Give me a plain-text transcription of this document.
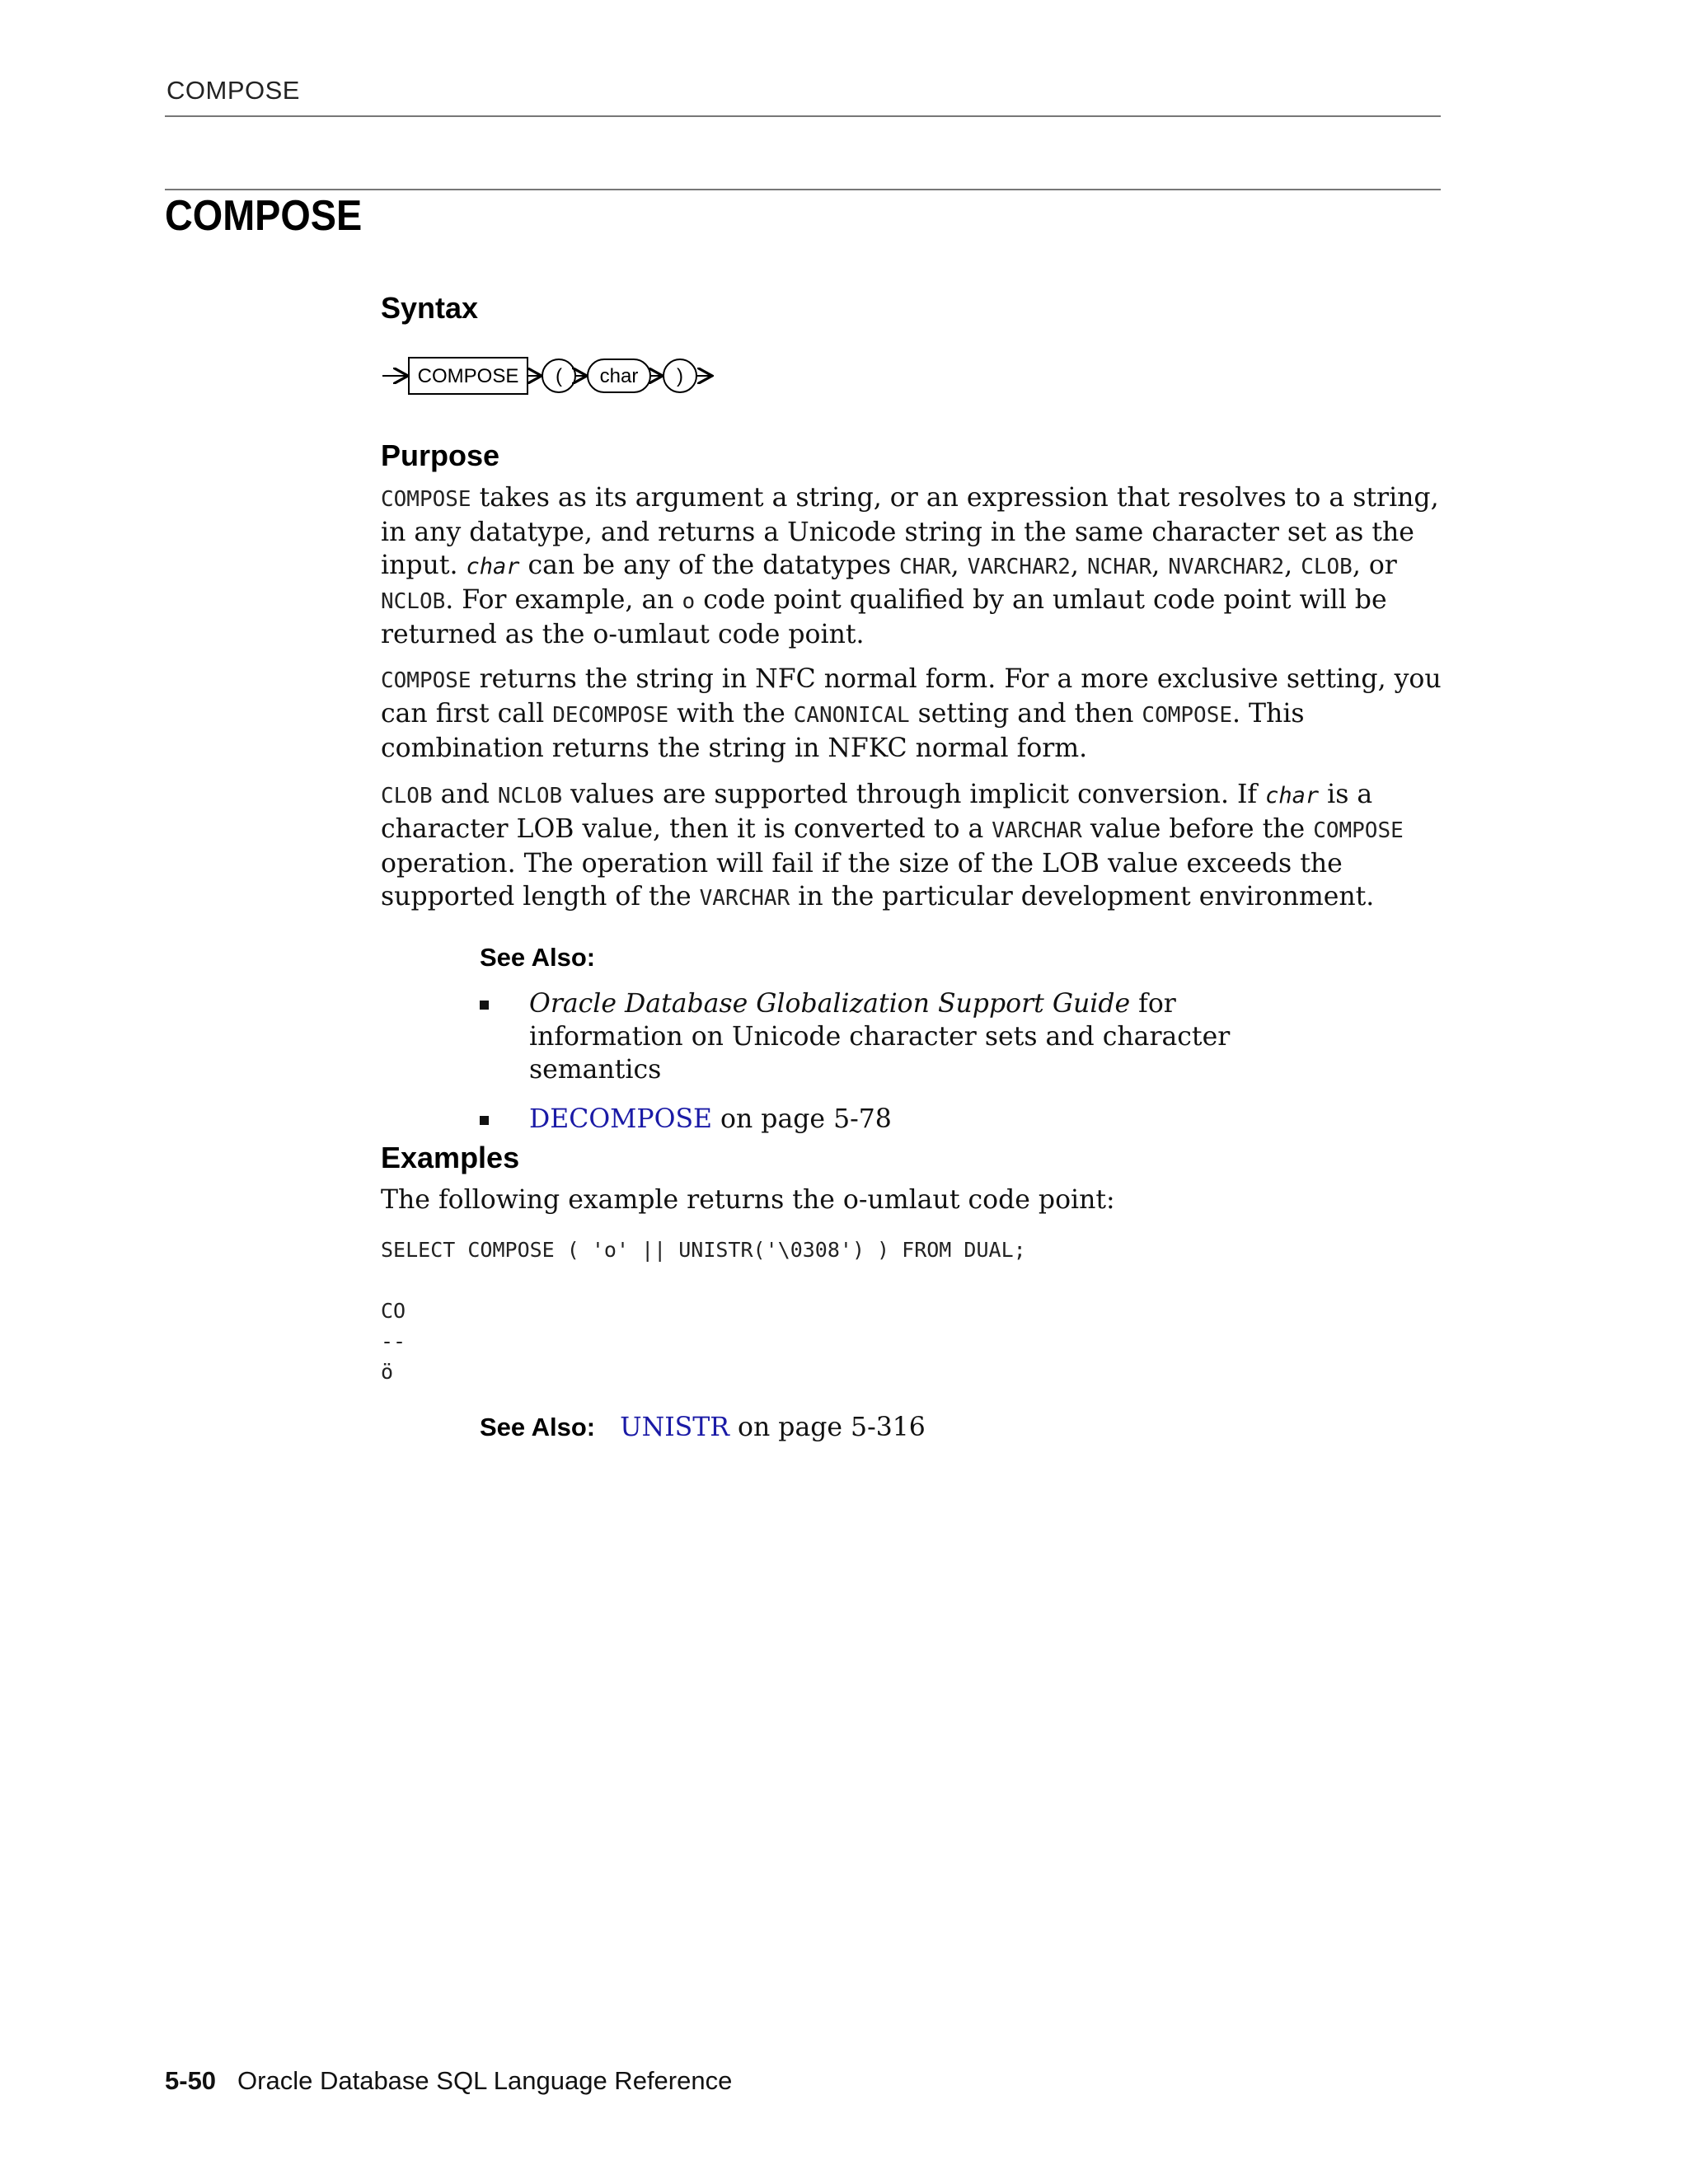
COMPOSE
COMPOSE
Syntax
COMPOSE ( char )
Purpose

COMPOSE takes as its argument a string, or an expression that resolves to a string, in any datatype, and returns a Unicode string in the same character set as the input. char can be any of the datatypes CHAR, VARCHAR2, NCHAR, NVARCHAR2, CLOB, or NCLOB. For example, an o code point qualified by an umlaut code point will be returned as the o-umlaut code point.

COMPOSE returns the string in NFC normal form. For a more exclusive setting, you can first call DECOMPOSE with the CANONICAL setting and then COMPOSE. This combination returns the string in NFKC normal form.

CLOB and NCLOB values are supported through implicit conversion. If char is a character LOB value, then it is converted to a VARCHAR value before the COMPOSE operation. The operation will fail if the size of the LOB value exceeds the supported length of the VARCHAR in the particular development environment.

See Also:
Oracle Database Globalization Support Guide for information on Unicode character sets and character semantics
DECOMPOSE on page 5-78
Examples

The following example returns the o-umlaut code point:

SELECT COMPOSE ( 'o' || UNISTR('\0308') ) FROM DUAL;

CO
--
ö
See Also: UNISTR on page 5-316
5-50 Oracle Database SQL Language Reference
